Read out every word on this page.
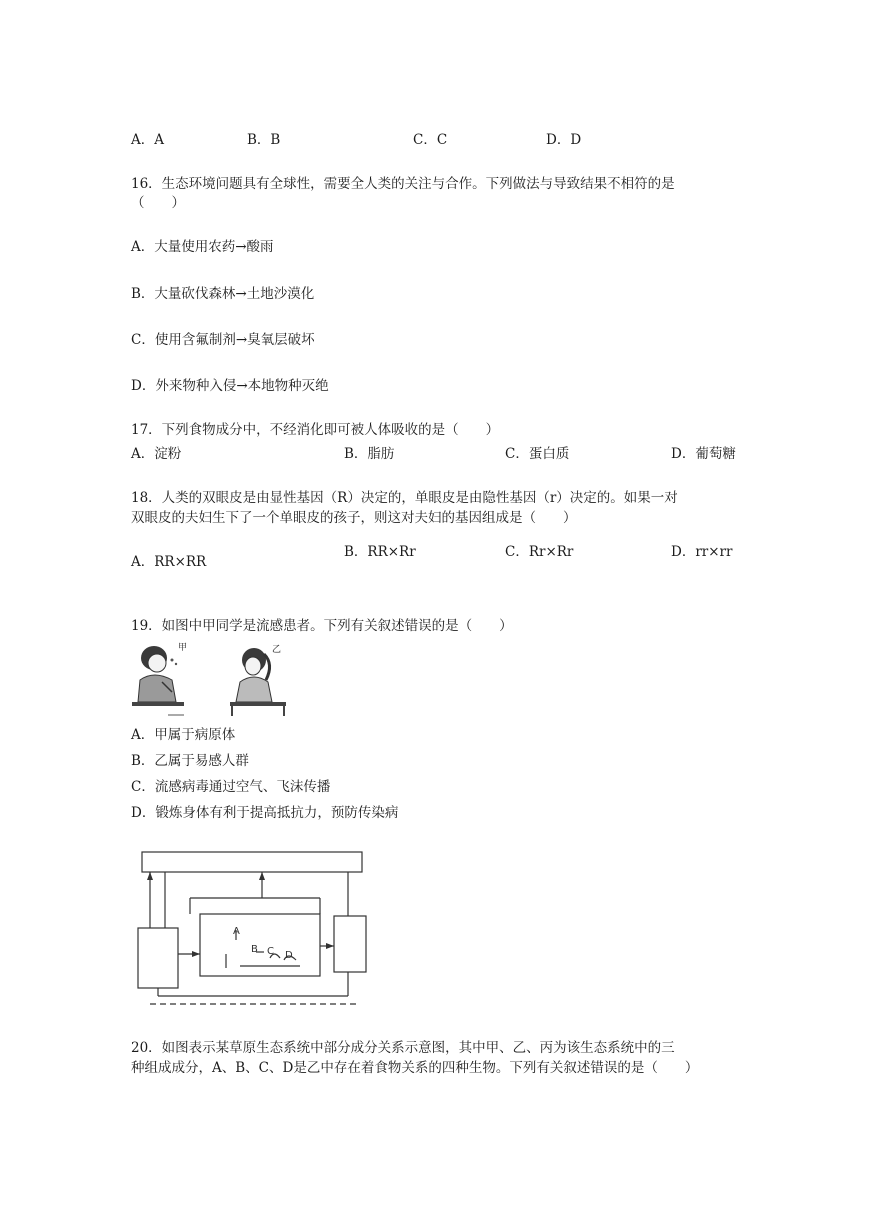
A．A	B．B	C．C	D．D
16．生态环境问题具有全球性，需要全人类的关注与合作。下列做法与导致结果不相符的是
（　　）
A．大量使用农药→酸雨
B．大量砍伐森林→土地沙漠化
C．使用含氟制剂→臭氧层破坏
D．外来物种入侵→本地物种灭绝
17．下列食物成分中，不经消化即可被人体吸收的是（　　）
A．淀粉	B．脂肪	C．蛋白质	D．葡萄糖
18．人类的双眼皮是由显性基因（R）决定的，单眼皮是由隐性基因（r）决定的。如果一对
双眼皮的夫妇生下了一个单眼皮的孩子，则这对夫妇的基因组成是（　　）
A．RR×RR
B．RR×Rr	C．Rr×Rr	D．rr×rr
19．如图中甲同学是流感患者。下列有关叙述错误的是（　　）
甲	乙
A．甲属于病原体
B．乙属于易感人群
C．流感病毒通过空气、飞沫传播
D．锻炼身体有利于提高抵抗力，预防传染病
A
B C D
20．如图表示某草原生态系统中部分成分关系示意图，其中甲、乙、丙为该生态系统中的三
种组成成分，A、B、C、D是乙中存在着食物关系的四种生物。下列有关叙述错误的是（　　）
